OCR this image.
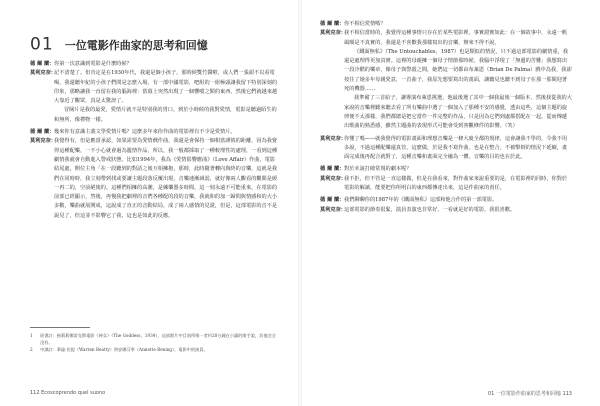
01 一位電影作曲家的思考和回憶
德 爾 蘭： 你第一次意識到電影是什麼時候？

莫利克奈：

記不清楚了。但肯定是在1930年代，我還是個小孩子，那時候雙竹醬啦，或人們一張頭不以看電喝，我還聽年紀的小孩子們問是怎麼入場，有一部中國電影，吧組的一組極頭讓我留下特別深刻的印象，那略讓我一直留在我的腦海裡：當幕上突然出現了一個響噹之類的東西，然後它們就越來越大靠近了觀眾，真是太驚訝了。

冒險片是我的最愛，愛情片就不是特別我的胃口，到於小時候的我對愛情，電影是聽過陌生的和無所，像禮物一樣。

德 爾 蘭： 幾來你有意識主義文學愛情片嗎？這麼多年來你作曲的電影裡有不少是愛情片。

莫利克奈：

我覺得有，但是應當承認，如果需要為愛情戲作曲，我還是會保持一個相當謹慎的距離，因為我覺得這種配樂，一不小心就會過為濫情作品，所以，我一般都採取了一種較理性的處理，一看到這種劇情我就會自動進入警戒狀態。比如1994年，我為《愛情影響應曲》（Love Affair）作曲，電影結尾處，開位主角「在一段聽到的對話之後互相擁抱，那時，此時隨著轉向與終的音樂，這就是我們在同時時，我立刻帶到找或要讓主題段落反覆出現，音樂速漸減弱，就好像兩人觀看的觀間是緩一再二的，空前絕後的。這種們相擁的高潮，是練樂器多時間，這一刻永遠不可能重來，在電影的前部已經顯示，然後，再慢我把劇裡的音們各種配的段的音樂，我就和的加一歸問與情感和的大小多數，樂曲就展開成，這說成了直正的音動結局，成了兩人感情的見證，但是，這部電影的音不是說見了，但這並不影響它了我，這也是如此的反應。

1	原書註：指莉莉娜雷克斯電影《神女》（The Goddess，1934），這部默片中目前所唯一者約20分鐘在小鎮的歌手說，其他完全沒有。
2	中譯註：華倫·比提（Warren Beatty）和安娜芬寧（Annette Bening），電影中的演員。
112 Ecoscoprendo quel suono
德 爾 蘭： 你不相信愛情嗎？

莫利克奈：

我不相信當時的，我覺得這種事情只存在於某些電影裡，事實證實如此：在一個故事中，永遠一帆風順是不真實的，我還是不喜歡我那樣寫出的音樂，辦來不得不說。

《鐵面無私》（The Untouchables，1987）也是類似的情況，只不過這部電影的劇情重，我還是處理得更加真實。這裡的母親擁一個母子情節那時候，我腦中浮現了「無邊的苦難」我想寫出一段冷酷的樂章，像母子與警殺之間，她們這一切都由布萊恩（Brian De Palma）戲中為我，我卻按住了她多年母親愛意，一首曲子，我原先想要寫出的畫面，讓聽見也聽不到母子在那一那間迎著死的機器……

我準備了三首給子，讓導演布萊恩挑選，他最後選了其中一個我最後一個版本，然後我從我的大家說的音樂裡聽來聽去看了所有樂曲中選了一個加入了那種不安的感覺，透由這些，這個主題的旋律便不太那樣，我們都總是把它當作一件完整的作品，只是因為它們到處都搭配在一起，從而傳遞出歌曲的熟悉感，雖然主題曲的表現形式可能會受到客觀條件的影響。（笑）

莫利克奈：

你懂了嗎——就我覺得的電影畫面和理想音樂是一條大廈全都的規律，這會讓我不學的，令我不用多說，不過這種配樂還真管，這麼做，於是我不寫作曲，也是在整合，不被擊倒的情況下延續，畫面完成後再配合就對了，這種音樂和畫面完全融為一體，音樂的目的也在於此。

德 爾 蘭： 對於未說打破常規的劇本呢？

莫利克奈：

我不拒，但不管是一直這樣做，但是在我看來，對作曲家來說重要的是，在電影裡的同時，你對於電影的解讀，能要把你所明白的東西都傳達出來，這是作曲家的責任。

德 爾 蘭： 我們聊聊你的1987年的《鐵面無私》這部和他合作的第一部電影。

莫利克奈：

這部電影的節奏很緊，演員表演也非常好，一看就是好的電影，我很喜歡。

01 一位電影作曲家的思考和回憶 113
